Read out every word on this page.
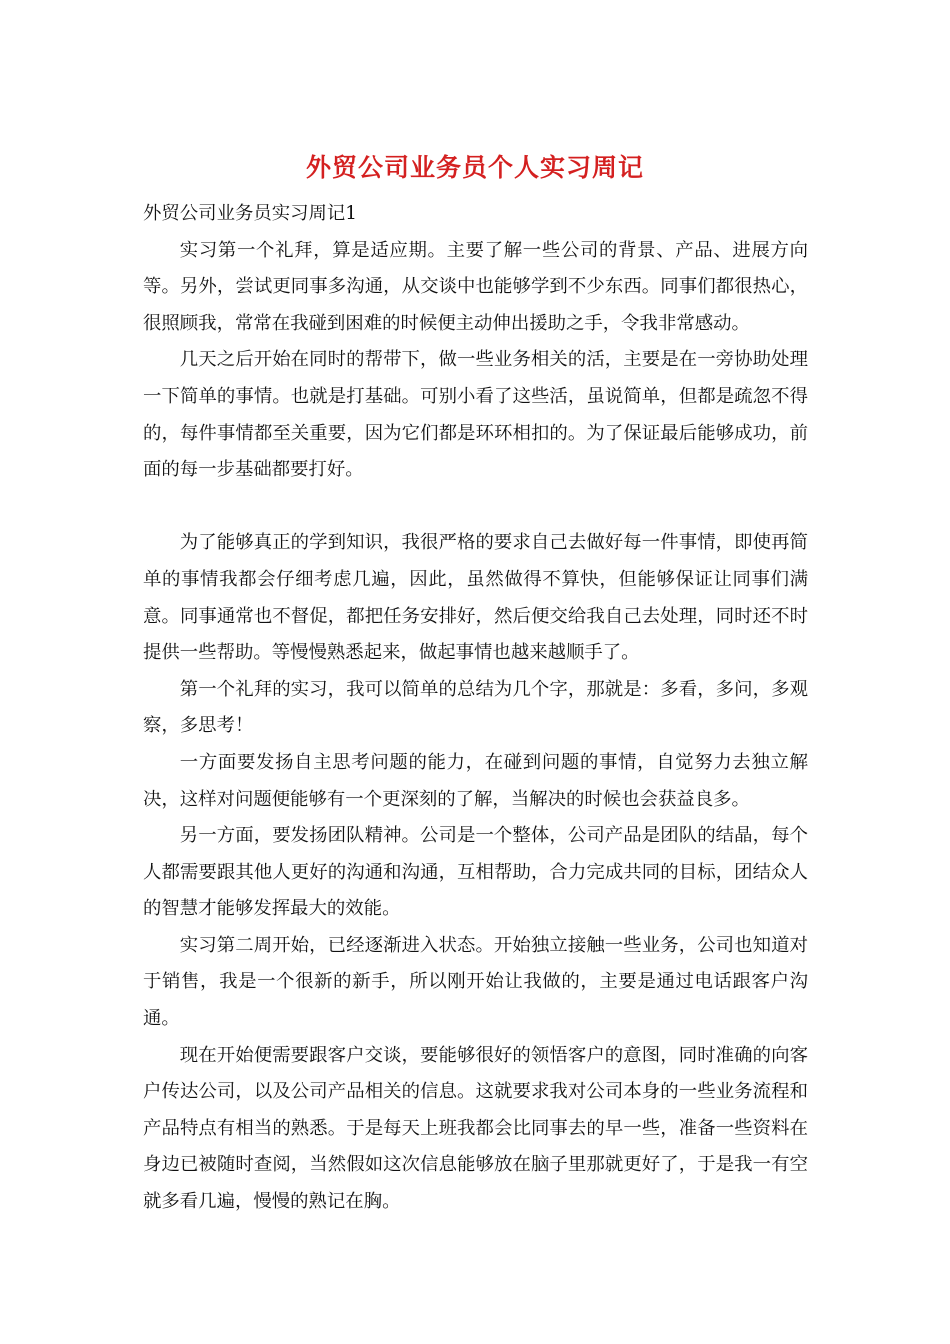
外贸公司业务员个人实习周记

外贸公司业务员实习周记1

实习第一个礼拜，算是适应期。主要了解一些公司的背景、产品、进展方向等。另外，尝试更同事多沟通，从交谈中也能够学到不少东西。同事们都很热心，很照顾我，常常在我碰到困难的时候便主动伸出援助之手，令我非常感动。

几天之后开始在同时的帮带下，做一些业务相关的活，主要是在一旁协助处理一下简单的事情。也就是打基础。可别小看了这些活，虽说简单，但都是疏忽不得的，每件事情都至关重要，因为它们都是环环相扣的。为了保证最后能够成功，前面的每一步基础都要打好。

为了能够真正的学到知识，我很严格的要求自己去做好每一件事情，即使再简单的事情我都会仔细考虑几遍，因此，虽然做得不算快，但能够保证让同事们满意。同事通常也不督促，都把任务安排好，然后便交给我自己去处理，同时还不时提供一些帮助。等慢慢熟悉起来，做起事情也越来越顺手了。

第一个礼拜的实习，我可以简单的总结为几个字，那就是：多看，多问，多观察，多思考！

一方面要发扬自主思考问题的能力，在碰到问题的事情，自觉努力去独立解决，这样对问题便能够有一个更深刻的了解，当解决的时候也会获益良多。

另一方面，要发扬团队精神。公司是一个整体，公司产品是团队的结晶，每个人都需要跟其他人更好的沟通和沟通，互相帮助，合力完成共同的目标，团结众人的智慧才能够发挥最大的效能。

实习第二周开始，已经逐渐进入状态。开始独立接触一些业务，公司也知道对于销售，我是一个很新的新手，所以刚开始让我做的，主要是通过电话跟客户沟通。

现在开始便需要跟客户交谈，要能够很好的领悟客户的意图，同时准确的向客户传达公司，以及公司产品相关的信息。这就要求我对公司本身的一些业务流程和产品特点有相当的熟悉。于是每天上班我都会比同事去的早一些，准备一些资料在身边已被随时查阅，当然假如这次信息能够放在脑子里那就更好了，于是我一有空就多看几遍，慢慢的熟记在胸。
